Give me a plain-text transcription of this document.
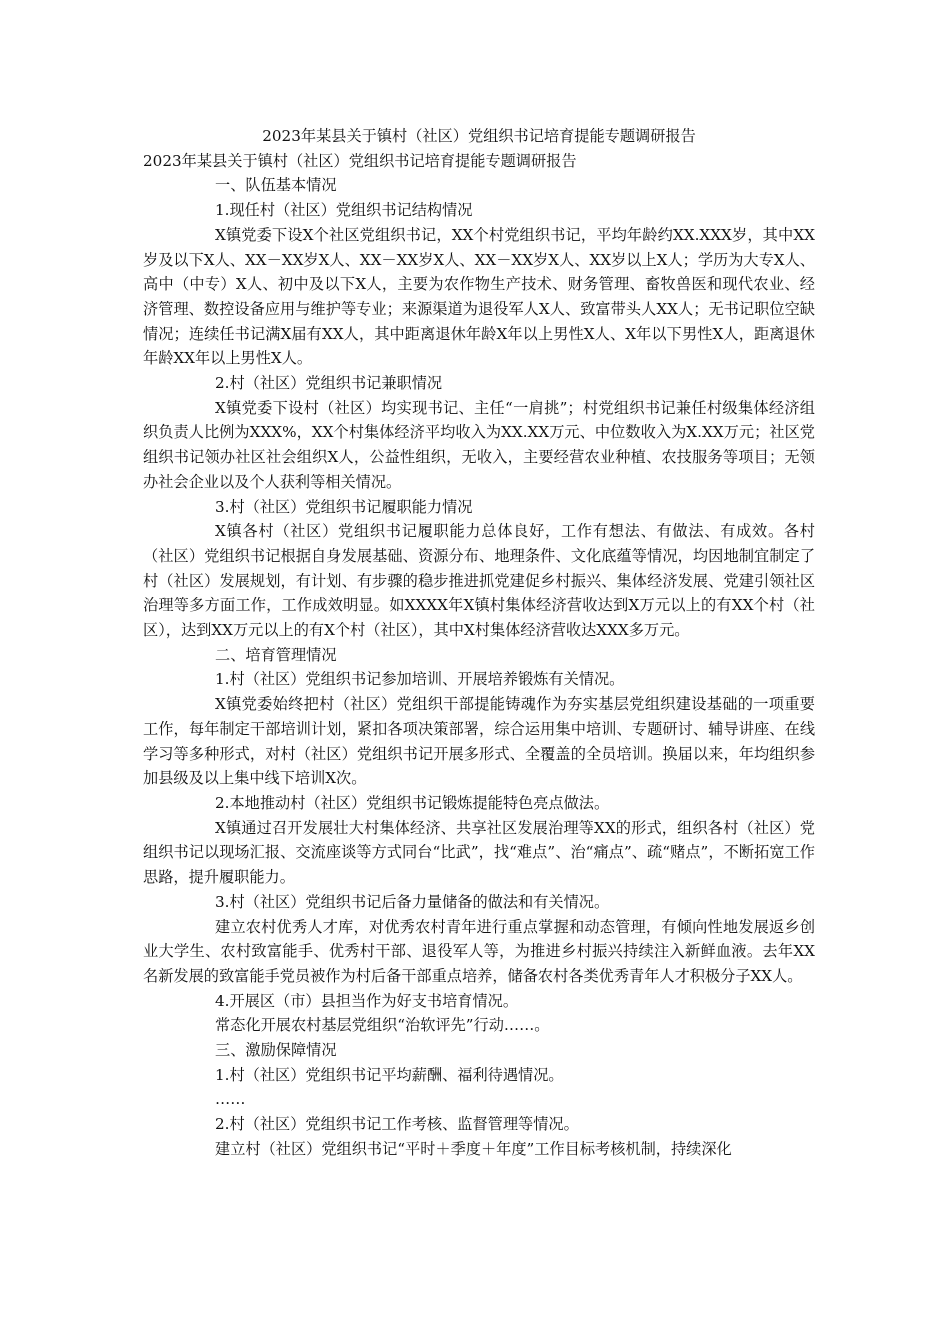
2023年某县关于镇村（社区）党组织书记培育提能专题调研报告

2023年某县关于镇村（社区）党组织书记培育提能专题调研报告

一、队伍基本情况

1.现任村（社区）党组织书记结构情况

X镇党委下设X个社区党组织书记，XX个村党组织书记，平均年龄约XX.XXX岁，其中XX岁及以下X人、XX－XX岁X人、XX－XX岁X人、XX－XX岁X人、XX岁以上X人；学历为大专X人、高中（中专）X人、初中及以下X人，主要为农作物生产技术、财务管理、畜牧兽医和现代农业、经济管理、数控设备应用与维护等专业；来源渠道为退役军人X人、致富带头人XX人；无书记职位空缺情况；连续任书记满X届有XX人，其中距离退休年龄X年以上男性X人、X年以下男性X人，距离退休年龄XX年以上男性X人。

2.村（社区）党组织书记兼职情况

X镇党委下设村（社区）均实现书记、主任“一肩挑”；村党组织书记兼任村级集体经济组织负责人比例为XXX%，XX个村集体经济平均收入为XX.XX万元、中位数收入为X.XX万元；社区党组织书记领办社区社会组织X人，公益性组织，无收入，主要经营农业种植、农技服务等项目；无领办社会企业以及个人获利等相关情况。

3.村（社区）党组织书记履职能力情况

X镇各村（社区）党组织书记履职能力总体良好，工作有想法、有做法、有成效。各村（社区）党组织书记根据自身发展基础、资源分布、地理条件、文化底蕴等情况，均因地制宜制定了村（社区）发展规划，有计划、有步骤的稳步推进抓党建促乡村振兴、集体经济发展、党建引领社区治理等多方面工作，工作成效明显。如XXXX年X镇村集体经济营收达到X万元以上的有XX个村（社区），达到XX万元以上的有X个村（社区），其中X村集体经济营收达XXX多万元。

二、培育管理情况

1.村（社区）党组织书记参加培训、开展培养锻炼有关情况。

X镇党委始终把村（社区）党组织干部提能铸魂作为夯实基层党组织建设基础的一项重要工作，每年制定干部培训计划，紧扣各项决策部署，综合运用集中培训、专题研讨、辅导讲座、在线学习等多种形式，对村（社区）党组织书记开展多形式、全覆盖的全员培训。换届以来，年均组织参加县级及以上集中线下培训X次。

2.本地推动村（社区）党组织书记锻炼提能特色亮点做法。

X镇通过召开发展壮大村集体经济、共享社区发展治理等XX的形式，组织各村（社区）党组织书记以现场汇报、交流座谈等方式同台“比武”，找“难点”、治“痛点”、疏“赌点”，不断拓宽工作思路，提升履职能力。

3.村（社区）党组织书记后备力量储备的做法和有关情况。

建立农村优秀人才库，对优秀农村青年进行重点掌握和动态管理，有倾向性地发展返乡创业大学生、农村致富能手、优秀村干部、退役军人等，为推进乡村振兴持续注入新鲜血液。去年XX名新发展的致富能手党员被作为村后备干部重点培养，储备农村各类优秀青年人才积极分子XX人。

4.开展区（市）县担当作为好支书培育情况。

常态化开展农村基层党组织“治软评先”行动……。

三、激励保障情况

1.村（社区）党组织书记平均薪酬、福利待遇情况。

……

2.村（社区）党组织书记工作考核、监督管理等情况。

建立村（社区）党组织书记“平时＋季度＋年度”工作目标考核机制，持续深化
